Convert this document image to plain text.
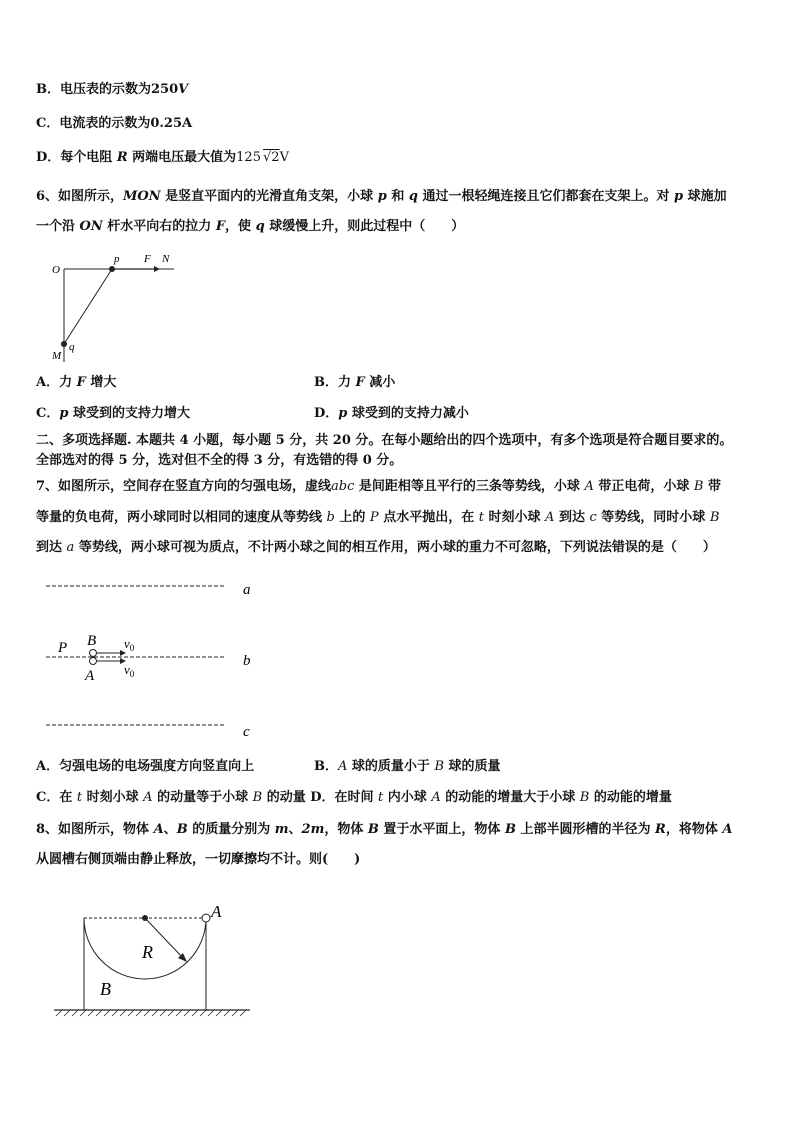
B．电压表的示数为250V
C．电流表的示数为0.25A
D．每个电阻 R 两端电压最大值为125 √2V
6、如图所示，MON 是竖直平面内的光滑直角支架，小球 p 和 q 通过一根轻绳连接且它们都套在支架上。对 p 球施加
一个沿 ON 杆水平向右的拉力 F，使 q 球缓慢上升，则此过程中（　　）
O
p F N
M
q
A．力 F 增大	B．力 F 减小
C．p 球受到的支持力增大	D．p 球受到的支持力减小
二、多项选择题. 本题共 4 小题，每小题 5 分，共 20 分。在每小题给出的四个选项中，有多个选项是符合题目要求的。
全部选对的得 5 分，选对但不全的得 3 分，有选错的得 0 分。
7、如图所示，空间存在竖直方向的匀强电场，虚线abc 是间距相等且平行的三条等势线，小球 A 带正电荷，小球 B 带
等量的负电荷，两小球同时以相同的速度从等势线 b 上的 P 点水平抛出，在 t 时刻小球 A 到达 c 等势线，同时小球 B
到达 a 等势线，两小球可视为质点，不计两小球之间的相互作用，两小球的重力不可忽略，下列说法错误的是（　　）
a
b
c
P B
A
$v_0$
$v_0$
A．匀强电场的电场强度方向竖直向上	B．A 球的质量小于 B 球的质量
C．在 t 时刻小球 A 的动量等于小球 B 的动量 D．在时间 t 内小球 A 的动能的增量大于小球 B 的动能的增量
8、如图所示，物体 A、B 的质量分别为 m、2m，物体 B 置于水平面上，物体 B 上部半圆形槽的半径为 R，将物体 A
从圆槽右侧顶端由静止释放，一切摩擦均不计。则(　　)
A
R
B
